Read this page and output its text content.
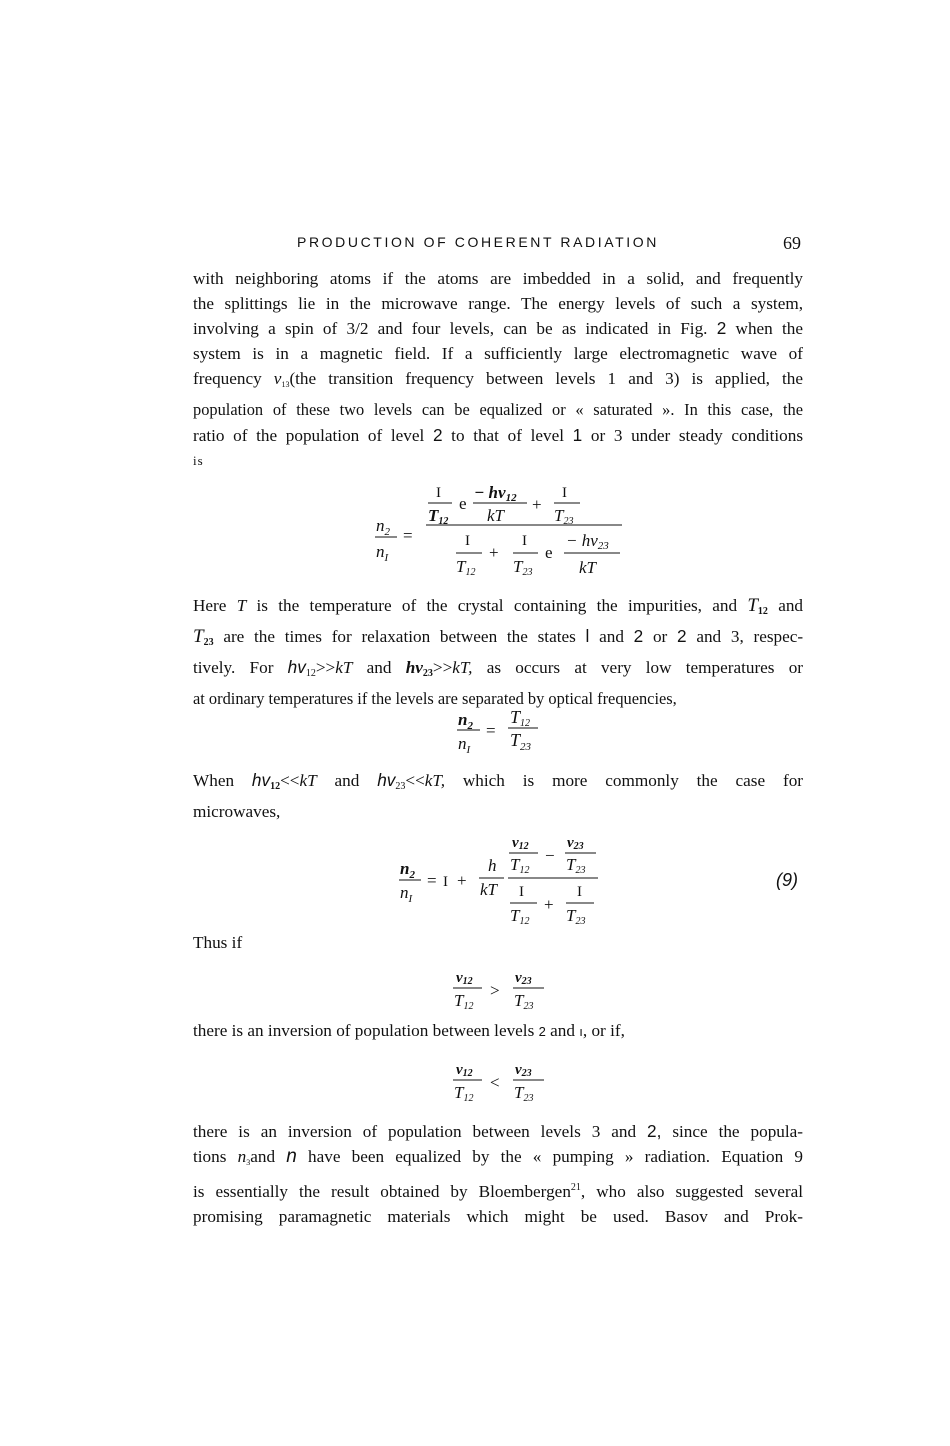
PRODUCTION OF COHERENT RADIATION	69
with neighboring atoms if the atoms are imbedded in a solid, and frequently
the splittings lie in the microwave range. The energy levels of such a system,
involving a spin of 3/2 and four levels, can be as indicated in Fig. 2 when the
system is in a magnetic field. If a sufficiently large electromagnetic wave of
frequency v13(the transition frequency between levels 1 and 3) is applied, the
population of these two levels can be equalized or « saturated ». In this case, the
ratio of the population of level 2 to that of level 1 or 3 under steady conditions
is
$n_2$
$n_I$
=
I
T12
e
− hν12
kT
+
I
T23
I
T12
+
I
T23
e
− hν23
kT
Here T is the temperature of the crystal containing the impurities, and $T_{12}$ and
$T_{23}$ are the times for relaxation between the states l and 2 or 2 and 3, respec-
tively. For $hv_{12}>>kT$ and $h\nu_{23}>>kT$, as occurs at very low temperatures or
at ordinary temperatures if the levels are separated by optical frequencies,
$n_2$
$n_I$
=
T12
$T_{23}$
When $hv_{12}<<kT$ and $hv_{23}<<kT$, which is more commonly the case for
microwaves,
$n_2$
$n_I$
= I +
h
kT
ν12
T12
−
ν23
T23
I
T12
+
I
T23
(9)
Thus if
ν12
T12
>
ν23
T23
there is an inversion of population between levels 2 and ı, or if,
ν12
T12
<
ν23
T23
there is an inversion of population between levels 3 and 2, since the popula-
tions n3and n have been equalized by the « pumping » radiation. Equation 9
is essentially the result obtained by Bloembergen$^{21}$, who also suggested several
promising paramagnetic materials which might be used. Basov and Prok-
